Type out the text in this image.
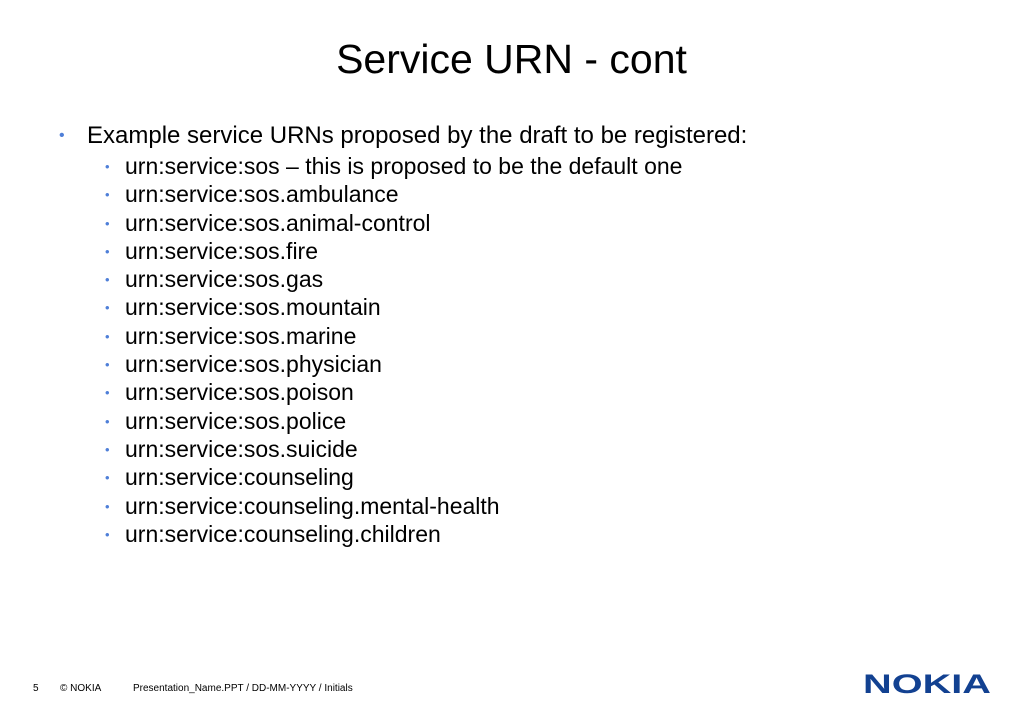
Service URN - cont
• Example service URNs proposed by the draft to be registered:
• urn:service:sos – this is proposed to be the default one
• urn:service:sos.ambulance
• urn:service:sos.animal-control
• urn:service:sos.fire
• urn:service:sos.gas
• urn:service:sos.mountain
• urn:service:sos.marine
• urn:service:sos.physician
• urn:service:sos.poison
• urn:service:sos.police
• urn:service:sos.suicide
• urn:service:counseling
• urn:service:counseling.mental-health
• urn:service:counseling.children
5 © NOKIA	Presentation_Name.PPT / DD-MM-YYYY / Initials	NOKIA
